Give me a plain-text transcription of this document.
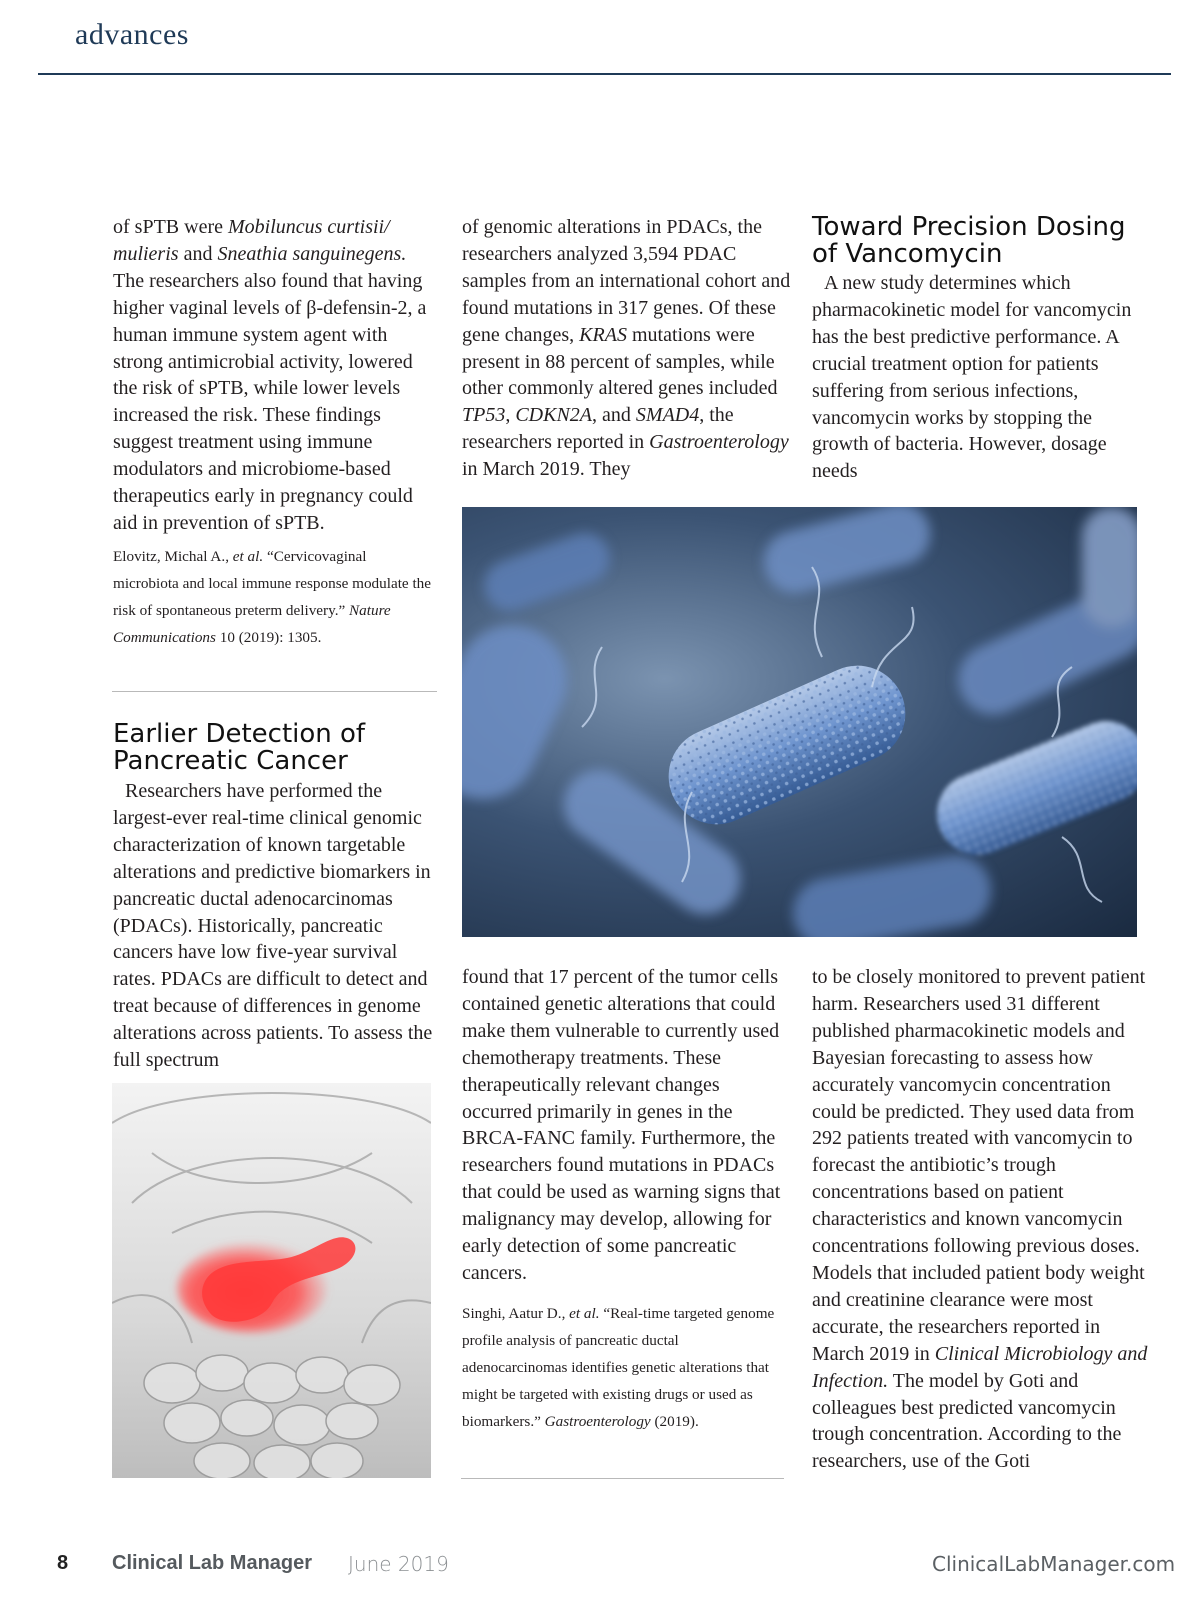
advances

of sPTB were Mobiluncus curtisii/ mulieris and Sneathia sanguinegens. The researchers also found that having higher vaginal levels of β-defensin-2, a human immune system agent with strong antimicrobial activity, lowered the risk of sPTB, while lower levels increased the risk. These findings suggest treatment using immune modulators and microbiome-based therapeutics early in pregnancy could aid in prevention of sPTB.

Elovitz, Michal A., et al. “Cervicovaginal microbiota and local immune response modulate the risk of spontaneous preterm delivery.” Nature Communications 10 (2019): 1305.
Earlier Detection of Pancreatic Cancer

Researchers have performed the largest-ever real-time clinical genomic characterization of known targetable alterations and predictive biomarkers in pancreatic ductal adenocarcinomas (PDACs). Historically, pancreatic cancers have low five-year survival rates. PDACs are difficult to detect and treat because of differences in genome alterations across patients. To assess the full spectrum

of genomic alterations in PDACs, the researchers analyzed 3,594 PDAC samples from an international cohort and found mutations in 317 genes. Of these gene changes, KRAS mutations were present in 88 percent of samples, while other commonly altered genes included TP53, CDKN2A, and SMAD4, the researchers reported in Gastroenterology in March 2019. They

Toward Precision Dosing of Vancomycin

A new study determines which pharmacokinetic model for vancomycin has the best predictive performance. A crucial treatment option for patients suffering from serious infections, vancomycin works by stopping the growth of bacteria. However, dosage needs

found that 17 percent of the tumor cells contained genetic alterations that could make them vulnerable to currently used chemotherapy treatments. These therapeutically relevant changes occurred primarily in genes in the BRCA-FANC family. Furthermore, the researchers found mutations in PDACs that could be used as warning signs that malignancy may develop, allowing for early detection of some pancreatic cancers.

Singhi, Aatur D., et al. “Real-time targeted genome profile analysis of pancreatic ductal adenocarcinomas identifies genetic alterations that might be targeted with existing drugs or used as biomarkers.” Gastroenterology (2019).

to be closely monitored to prevent patient harm. Researchers used 31 different published pharmacokinetic models and Bayesian forecasting to assess how accurately vancomycin concentration could be predicted. They used data from 292 patients treated with vancomycin to forecast the antibiotic’s trough concentrations based on patient characteristics and known vancomycin concentrations following previous doses. Models that included patient body weight and creatinine clearance were most accurate, the researchers reported in March 2019 in Clinical Microbiology and Infection. The model by Goti and colleagues best predicted vancomycin trough concentration. According to the researchers, use of the Goti

8 Clinical Lab Manager June 2019	ClinicalLabManager.com
